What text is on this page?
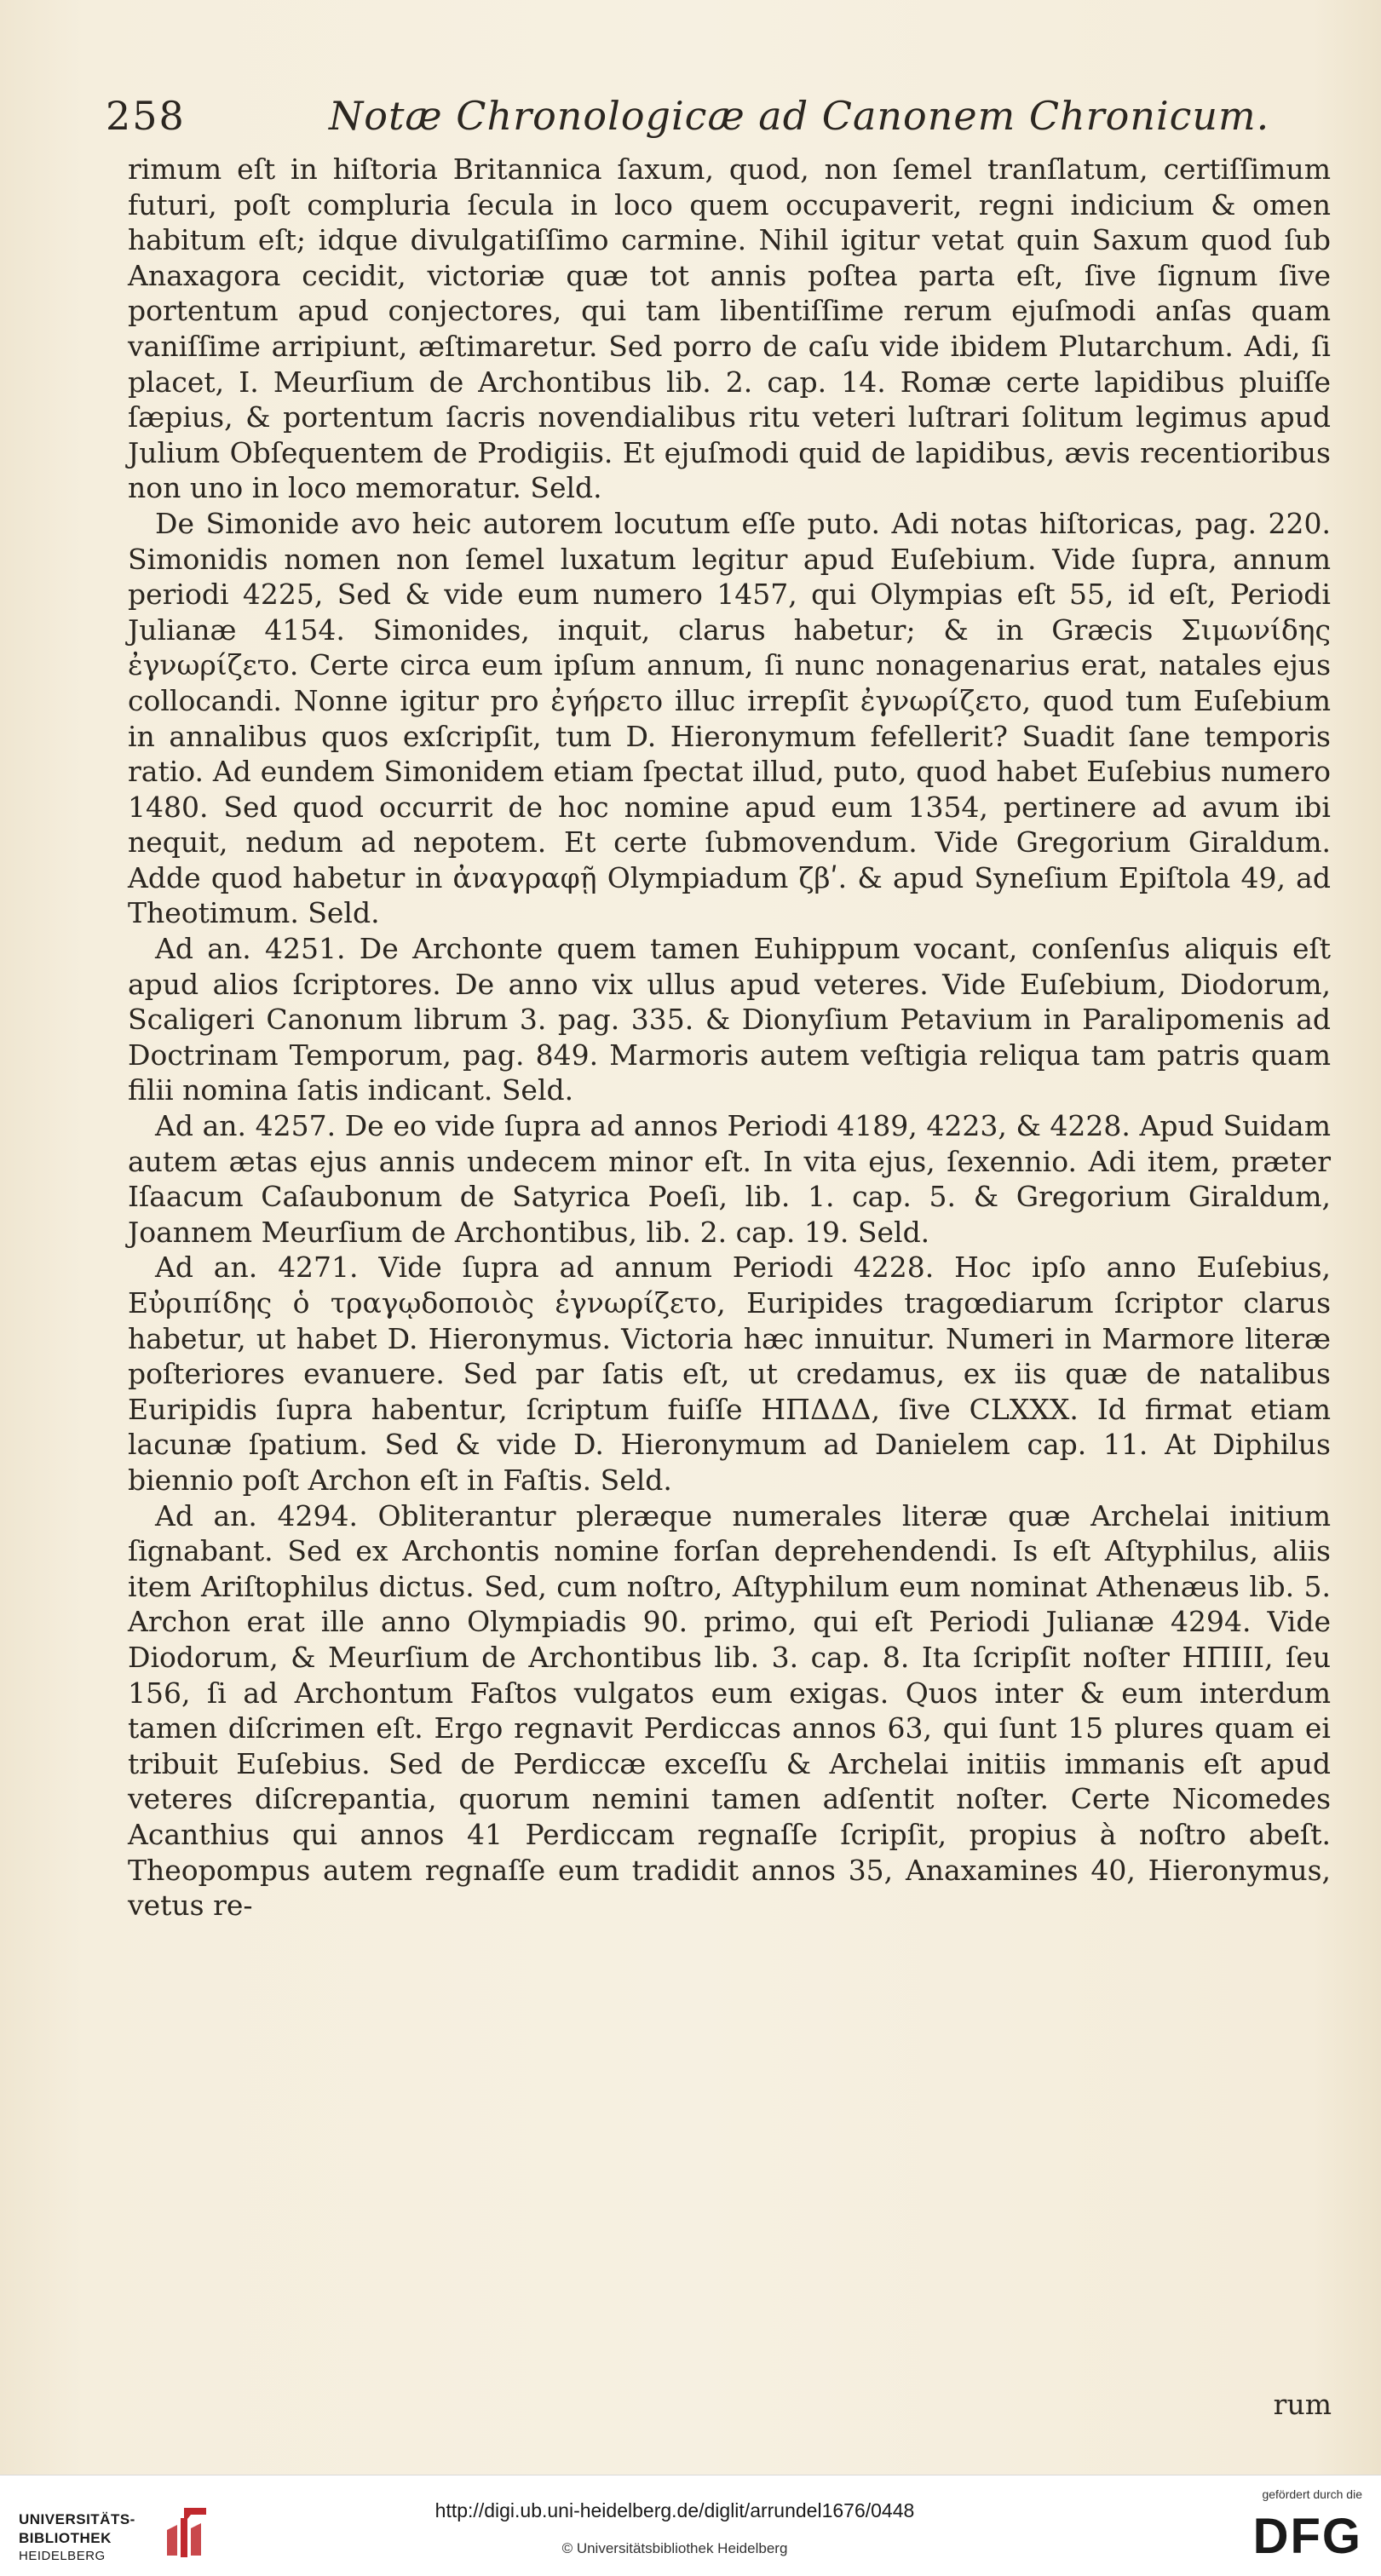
258	Notæ Chronologicæ ad Canonem Chronicum.

rimum eſt in hiſtoria Britannica ſaxum, quod, non ſemel tranſlatum, certiſſimum futuri, poſt compluria ſecula in loco quem occupaverit, regni indicium & omen habitum eſt; idque divulgatiſſimo carmine. Nihil igitur vetat quin Saxum quod ſub Anaxagora cecidit, victoriæ quæ tot annis poſtea parta eſt, ſive ſignum ſive portentum apud conjectores, qui tam libentiſſime rerum ejuſmodi anſas quam vaniſſime arripiunt, æſtimaretur. Sed porro de caſu vide ibidem Plutarchum. Adi, ſi placet, I. Meurſium de Archontibus lib. 2. cap. 14. Romæ certe lapidibus pluiſſe ſæpius, & portentum ſacris novendialibus ritu veteri luſtrari ſolitum legimus apud Julium Obſequentem de Prodigiis. Et ejuſmodi quid de lapidibus, ævis recentioribus non uno in loco memoratur. Seld.

De Simonide avo heic autorem locutum eſſe puto. Adi notas hiſtoricas, pag. 220. Simonidis nomen non ſemel luxatum legitur apud Euſebium. Vide ſupra, annum periodi 4225, Sed & vide eum numero 1457, qui Olympias eſt 55, id eſt, Periodi Julianæ 4154. Simonides, inquit, clarus habetur; & in Græcis Σιμωνίδης ἐγνωρίζετο. Certe circa eum ipſum annum, ſi nunc nonagenarius erat, natales ejus collocandi. Nonne igitur pro ἐγήρετο illuc irrepſit ἐγνωρίζετο, quod tum Euſebium in annalibus quos exſcripſit, tum D. Hieronymum fefellerit? Suadit ſane temporis ratio. Ad eundem Simonidem etiam ſpectat illud, puto, quod habet Euſebius numero 1480. Sed quod occurrit de hoc nomine apud eum 1354, pertinere ad avum ibi nequit, nedum ad nepotem. Et certe ſubmovendum. Vide Gregorium Giraldum. Adde quod habetur in ἀναγραφῇ Olympiadum ζβʹ. & apud Syneſium Epiſtola 49, ad Theotimum. Seld.

Ad an. 4251. De Archonte quem tamen Euhippum vocant, conſenſus aliquis eſt apud alios ſcriptores. De anno vix ullus apud veteres. Vide Euſebium, Diodorum, Scaligeri Canonum librum 3. pag. 335. & Dionyſium Petavium in Paralipomenis ad Doctrinam Temporum, pag. 849. Marmoris autem veſtigia reliqua tam patris quam filii nomina ſatis indicant. Seld.

Ad an. 4257. De eo vide ſupra ad annos Periodi 4189, 4223, & 4228. Apud Suidam autem ætas ejus annis undecem minor eſt. In vita ejus, ſexennio. Adi item, præter Iſaacum Caſaubonum de Satyrica Poeſi, lib. 1. cap. 5. & Gregorium Giraldum, Joannem Meurſium de Archontibus, lib. 2. cap. 19. Seld.

Ad an. 4271. Vide ſupra ad annum Periodi 4228. Hoc ipſo anno Euſebius, Εὐριπίδης ὁ τραγῳδοποιὸς ἐγνωρίζετο, Euripides tragœdiarum ſcriptor clarus habetur, ut habet D. Hieronymus. Victoria hæc innuitur. Numeri in Marmore literæ poſteriores evanuere. Sed par ſatis eſt, ut credamus, ex iis quæ de natalibus Euripidis ſupra habentur, ſcriptum fuiſſe HΠΔΔΔ, ſive CLXXX. Id firmat etiam lacunæ ſpatium. Sed & vide D. Hieronymum ad Danielem cap. 11. At Diphilus biennio poſt Archon eſt in Faſtis. Seld.

Ad an. 4294. Obliterantur pleræque numerales literæ quæ Archelai initium ſignabant. Sed ex Archontis nomine forſan deprehendendi. Is eſt Aſtyphilus, aliis item Ariſtophilus dictus. Sed, cum noſtro, Aſtyphilum eum nominat Athenæus lib. 5. Archon erat ille anno Olympiadis 90. primo, qui eſt Periodi Julianæ 4294. Vide Diodorum, & Meurſium de Archontibus lib. 3. cap. 8. Ita ſcripſit noſter HΠIII, ſeu 156, ſi ad Archontum Faſtos vulgatos eum exigas. Quos inter & eum interdum tamen diſcrimen eſt. Ergo regnavit Perdiccas annos 63, qui ſunt 15 plures quam ei tribuit Euſebius. Sed de Perdiccæ exceſſu & Archelai initiis immanis eſt apud veteres diſcrepantia, quorum nemini tamen adſentit noſter. Certe Nicomedes Acanthius qui annos 41 Perdiccam regnaſſe ſcripſit, propius à noſtro abeſt. Theopompus autem regnaſſe eum tradidit annos 35, Anaxamines 40, Hieronymus, vetus re-

rum
UNIVERSITÄTS-
BIBLIOTHEK
HEIDELBERG
http://digi.ub.uni-heidelberg.de/diglit/arrundel1676/0448
© Universitätsbibliothek Heidelberg
gefördert durch die
DFG
